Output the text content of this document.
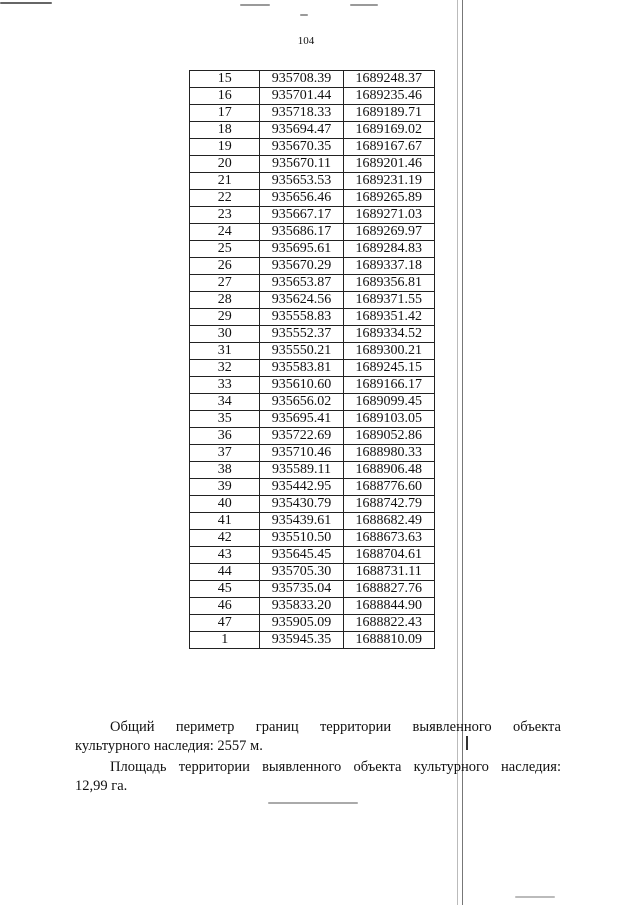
104
15	935708.39	1689248.37
16	935701.44	1689235.46
17	935718.33	1689189.71
18	935694.47	1689169.02
19	935670.35	1689167.67
20	935670.11	1689201.46
21	935653.53	1689231.19
22	935656.46	1689265.89
23	935667.17	1689271.03
24	935686.17	1689269.97
25	935695.61	1689284.83
26	935670.29	1689337.18
27	935653.87	1689356.81
28	935624.56	1689371.55
29	935558.83	1689351.42
30	935552.37	1689334.52
31	935550.21	1689300.21
32	935583.81	1689245.15
33	935610.60	1689166.17
34	935656.02	1689099.45
35	935695.41	1689103.05
36	935722.69	1689052.86
37	935710.46	1688980.33
38	935589.11	1688906.48
39	935442.95	1688776.60
40	935430.79	1688742.79
41	935439.61	1688682.49
42	935510.50	1688673.63
43	935645.45	1688704.61
44	935705.30	1688731.11
45	935735.04	1688827.76
46	935833.20	1688844.90
47	935905.09	1688822.43
1	935945.35	1688810.09
Общий периметр границ территории выявленного объекта
культурного наследия: 2557 м.
Площадь территории выявленного объекта культурного наследия:
12,99 га.
